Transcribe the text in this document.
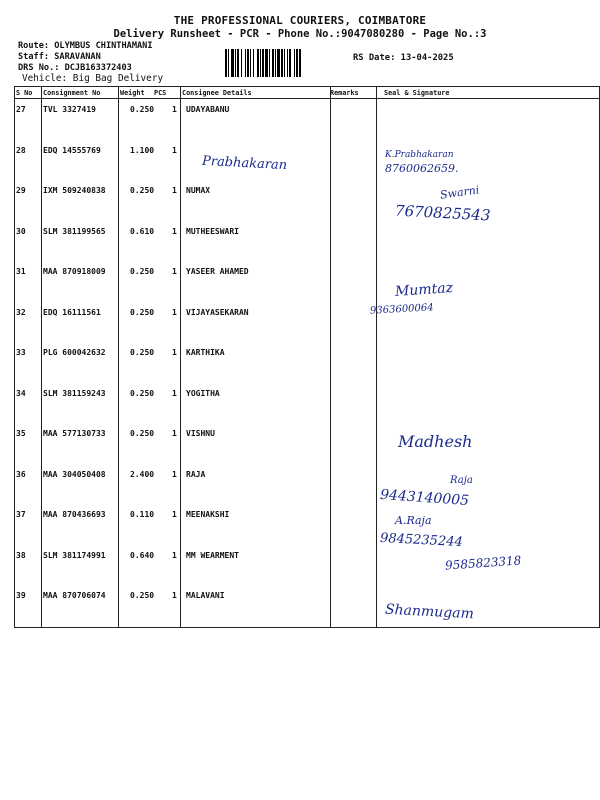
THE PROFESSIONAL COURIERS, COIMBATORE
Delivery Runsheet - PCR - Phone No.:9047080280 - Page No.:3
Route: OLYMBUS CHINTHAMANI
Staff: SARAVANAN
DRS No.: DCJB163372403
Vehicle: Big Bag Delivery
RS Date: 13-04-2025
S No Consignment No	Weight PCS Consignee Details	Remarks	Seal & Signature
27 TVL 3327419	0.250 1 UDAYABANU
28 EDQ 14555769	1.100 1
29 IXM 509240838	0.250 1 NUMAX
30 SLM 381199565	0.610 1 MUTHEESWARI
31 MAA 870918009	0.250 1 YASEER AHAMED
32 EDQ 16111561	0.250 1 VIJAYASEKARAN
33 PLG 600042632	0.250 1 KARTHIKA
34 SLM 381159243	0.250 1 YOGITHA
35 MAA 577130733	0.250 1 VISHNU
36 MAA 304050408	2.400 1 RAJA
37 MAA 870436693	0.110 1 MEENAKSHI
38 SLM 381174991	0.640 1 MM WEARMENT
39 MAA 870706074	0.250 1 MALAVANI
Prabhakaran	K.Prabhakaran
8760062659.
Swarni
7670825543
Mumtaz
9363600064
Madhesh
Raja
9443140005
A.Raja
9845235244
9585823318
Shanmugam
